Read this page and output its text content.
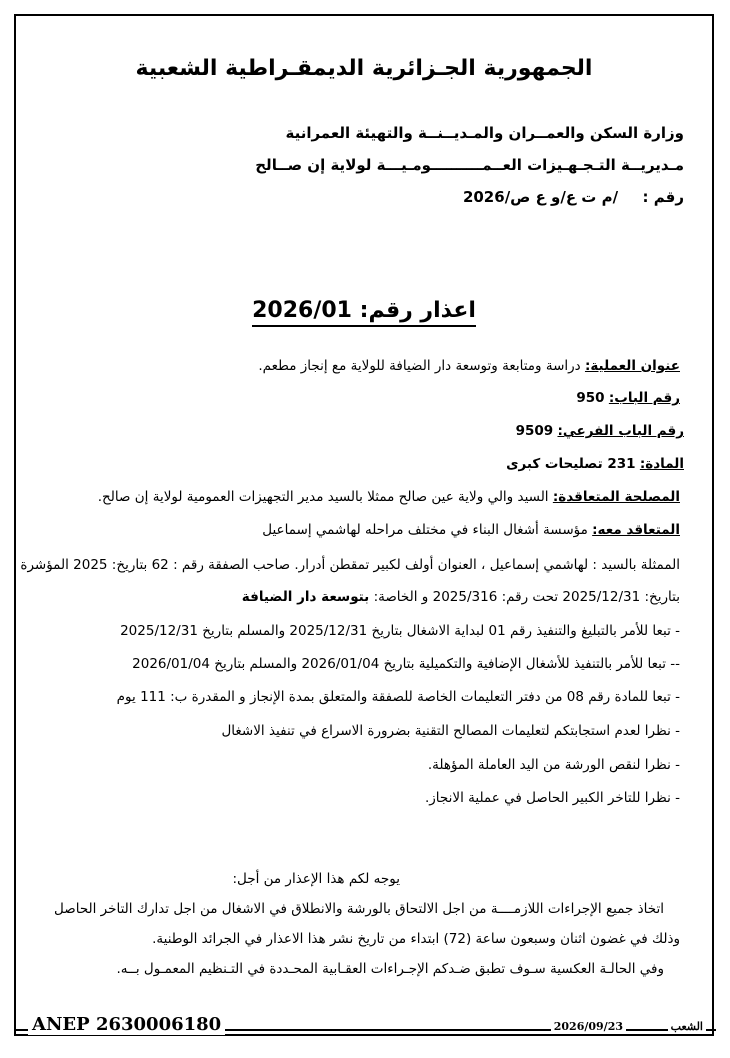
الجمهورية الجـزائرية الديمقـراطية الشعبية
وزارة السكن والعمــران والمـديــنــة والتهيئة العمرانية
مـديريــة التـجـهـيزات العــمــــــــــومـيـــة لولاية إن صــالح
رقم :  /م ت ع/و ع ص/2026
اعذار رقم: 2026/01
عنوان العملية: دراسة ومتابعة وتوسعة دار الضيافة للولاية مع إنجاز مطعم.
رقم الباب: 950
رقم الباب الفرعي: 9509
المادة: 231 تصليحات كبرى
المصلحة المتعاقدة: السيد والي ولاية عين صالح ممثلا بالسيد مدير التجهيزات العمومية لولاية إن صالح.
المتعاقد معه: مؤسسة أشغال البناء في مختلف مراحله لهاشمي إسماعيل
الممثلة بالسيد : لهاشمي إسماعيل ، العنوان أولف لكبير تمقطن أدرار. صاحب الصفقة رقم : 62 بتاريخ: 2025 المؤشرة
بتاريخ: 2025/12/31 تحت رقم: 2025/316 و الخاصة: بتوسعة دار الضيافة
- تبعا للأمر بالتبليغ والتنفيذ رقم 01 لبداية الاشغال بتاريخ 2025/12/31 والمسلم بتاريخ 2025/12/31
-- تبعا للأمر بالتنفيذ للأشغال الإضافية والتكميلية بتاريخ 2026/01/04 والمسلم بتاريخ 2026/01/04
- تبعا للمادة رقم 08 من دفتر التعليمات الخاصة للصفقة والمتعلق بمدة الإنجاز و المقدرة ب: 111 يوم
- نظرا لعدم استجابتكم لتعليمات المصالح التقنية بضرورة الاسراع في تنفيذ الاشغال
- نظرا لنقص الورشة من اليد العاملة المؤهلة.
- نظرا للتاخر الكبير الحاصل في عملية الانجاز.
يوجه لكم هذا الإعذار من أجل:
اتخاذ جميع الإجراءات اللازمــــة من اجل الالتحاق بالورشة والانطلاق في الاشغال من اجل تدارك التاخر الحاصل
وذلك في غضون اثنان وسبعون ساعة (72) ابتداء من تاريخ نشر هذا الاعذار في الجرائد الوطنية.
وفي الحالـة العكسية سـوف تطبق ضـدكم الإجـراءات العقـابية المحـددة في التـنظيم المعمـول بــه.
ANEP 2630006180	2026/09/23	الشعب
